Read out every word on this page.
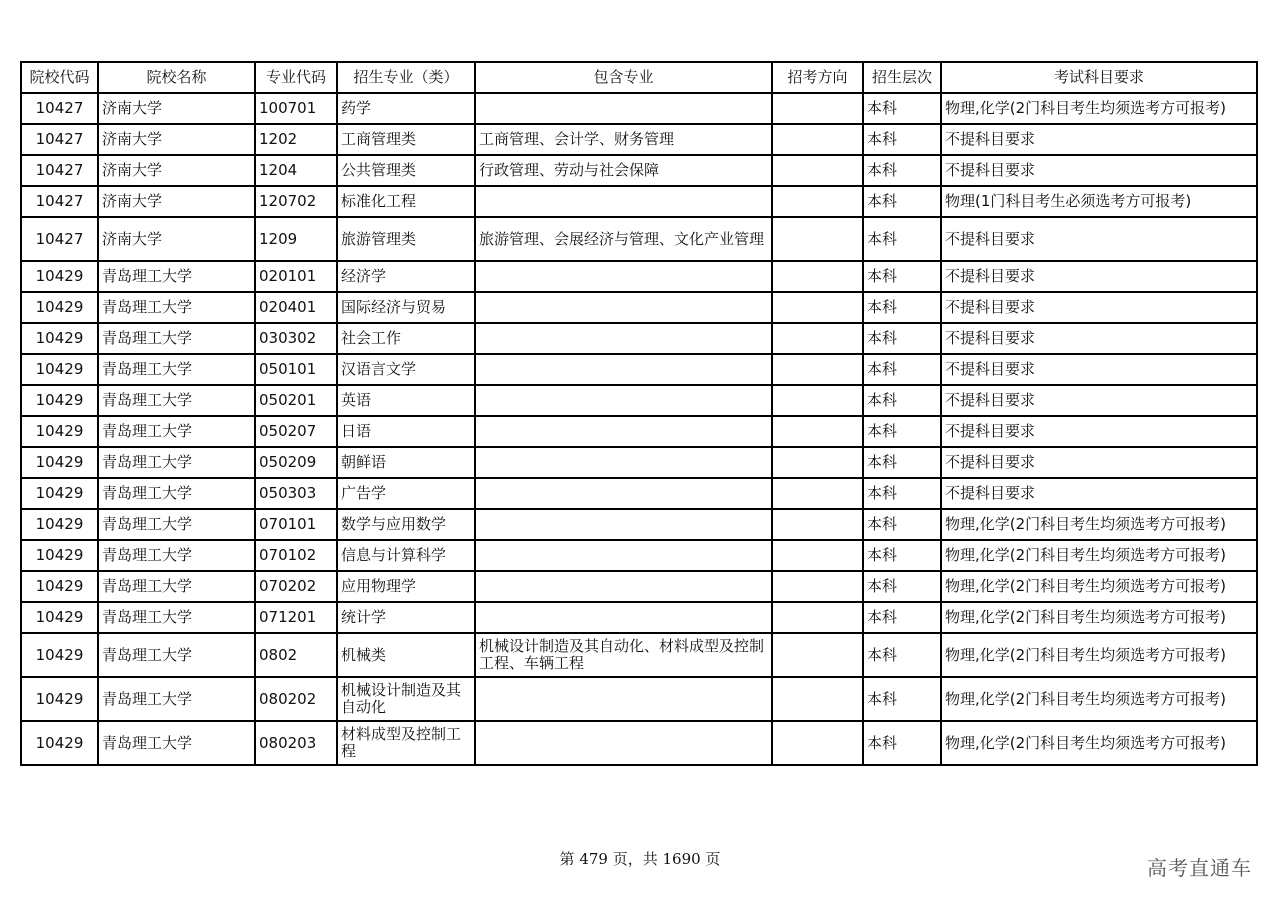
院校代码	院校名称	专业代码	招生专业（类）	包含专业	招考方向	招生层次	考试科目要求
10427	济南大学	100701	药学			本科	物理,化学(2门科目考生均须选考方可报考)
10427	济南大学	1202	工商管理类	工商管理、会计学、财务管理		本科	不提科目要求
10427	济南大学	1204	公共管理类	行政管理、劳动与社会保障		本科	不提科目要求
10427	济南大学	120702	标准化工程			本科	物理(1门科目考生必须选考方可报考)
10427	济南大学	1209	旅游管理类	旅游管理、会展经济与管理、文化产业管理		本科	不提科目要求
10429	青岛理工大学	020101	经济学			本科	不提科目要求
10429	青岛理工大学	020401	国际经济与贸易			本科	不提科目要求
10429	青岛理工大学	030302	社会工作			本科	不提科目要求
10429	青岛理工大学	050101	汉语言文学			本科	不提科目要求
10429	青岛理工大学	050201	英语			本科	不提科目要求
10429	青岛理工大学	050207	日语			本科	不提科目要求
10429	青岛理工大学	050209	朝鲜语			本科	不提科目要求
10429	青岛理工大学	050303	广告学			本科	不提科目要求
10429	青岛理工大学	070101	数学与应用数学			本科	物理,化学(2门科目考生均须选考方可报考)
10429	青岛理工大学	070102	信息与计算科学			本科	物理,化学(2门科目考生均须选考方可报考)
10429	青岛理工大学	070202	应用物理学			本科	物理,化学(2门科目考生均须选考方可报考)
10429	青岛理工大学	071201	统计学			本科	物理,化学(2门科目考生均须选考方可报考)
10429	青岛理工大学	0802	机械类	机械设计制造及其自动化、材料成型及控制工程、车辆工程		本科	物理,化学(2门科目考生均须选考方可报考)
10429	青岛理工大学	080202	机械设计制造及其自动化			本科	物理,化学(2门科目考生均须选考方可报考)
10429	青岛理工大学	080203	材料成型及控制工程			本科	物理,化学(2门科目考生均须选考方可报考)
第 479 页，共 1690 页	高考直通车
